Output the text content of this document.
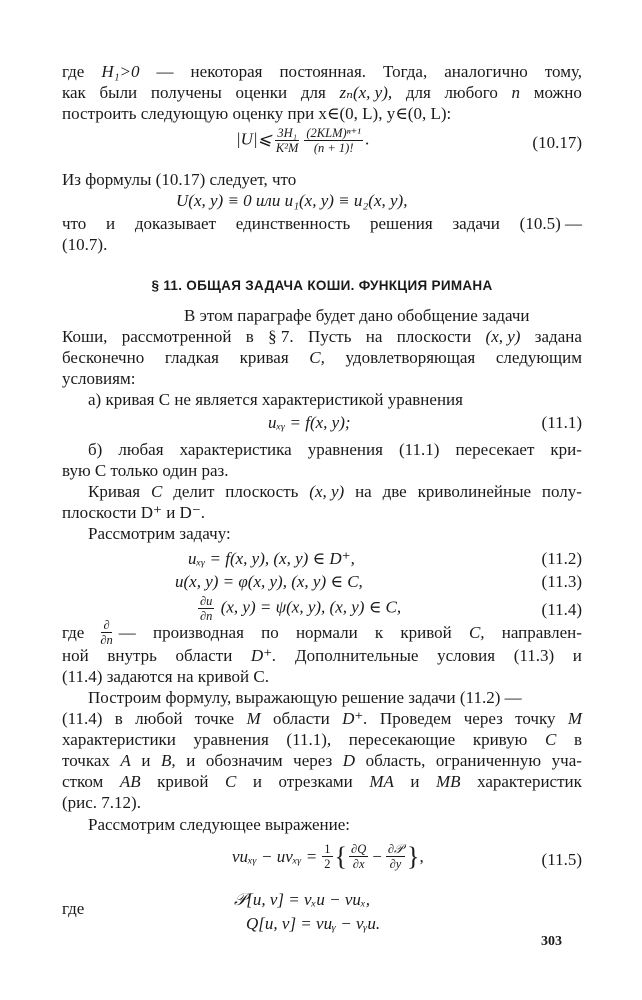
где H₁>0 — некоторая постоянная. Тогда, аналогично тому,
как были получены оценки для zₙ(x, y), для любого n можно
построить следующую оценку при x∈(0, L), y∈(0, L):
|U|⩽ $\frac{\text{3H₁}}{\text{K²M}} \frac{\text{(2KLM)ⁿ⁺¹}}{(n + 1)!}$ .	(10.17)
Из формулы (10.17) следует, что
U(x, y) ≡ 0 или u₁(x, y) ≡ u₂(x, y),
что и доказывает единственность решения задачи (10.5) —
(10.7).
§ 11. ОБЩАЯ ЗАДАЧА КОШИ. ФУНКЦИЯ РИМАНА
В этом параграфе будет дано обобщение задачи
Коши, рассмотренной в § 7. Пусть на плоскости (x, y) задана
бесконечно гладкая кривая C, удовлетворяющая следующим
условиям:
а) кривая C не является характеристикой уравнения
uₓᵧ = f(x, y);	(11.1)
б) любая характеристика уравнения (11.1) пересекает кри-
вую C только один раз.
Кривая C делит плоскость (x, y) на две криволинейные полу-
плоскости D⁺ и D⁻.
Рассмотрим задачу:
uₓᵧ = f(x, y), (x, y) ∈ D⁺,	(11.2)
u(x, y) = φ(x, y), (x, y) ∈ C,	(11.3)
$\frac{\partial u}{\partial n} (x$, y) = ψ(x, y), (x, y) ∈ C,	(11.4)
где $\frac{\partial}{\partial n}$ — производная по нормали к кривой C, направлен-
ной внутрь области D⁺. Дополнительные условия (11.3) и
(11.4) задаются на кривой C.
Построим формулу, выражающую решение задачи (11.2) —
(11.4) в любой точке M области D⁺. Проведем через точку M
характеристики уравнения (11.1), пересекающие кривую C в
точках A и B, и обозначим через D область, ограниченную уча-
стком AB кривой C и отрезками MA и MB характеристик
(рис. 7.12).
Рассмотрим следующее выражение:
vuₓᵧ − uvₓᵧ = $\frac{1}{2}$ { $\frac{\partial Q}{\partial x} - \frac{\text{∂𝒫}}{\partial y}$ } ,	(11.5)
где	𝒫[u, v] = vₓu − vuₓ,
Q[u, v] = vuᵧ − vᵧu.
303
